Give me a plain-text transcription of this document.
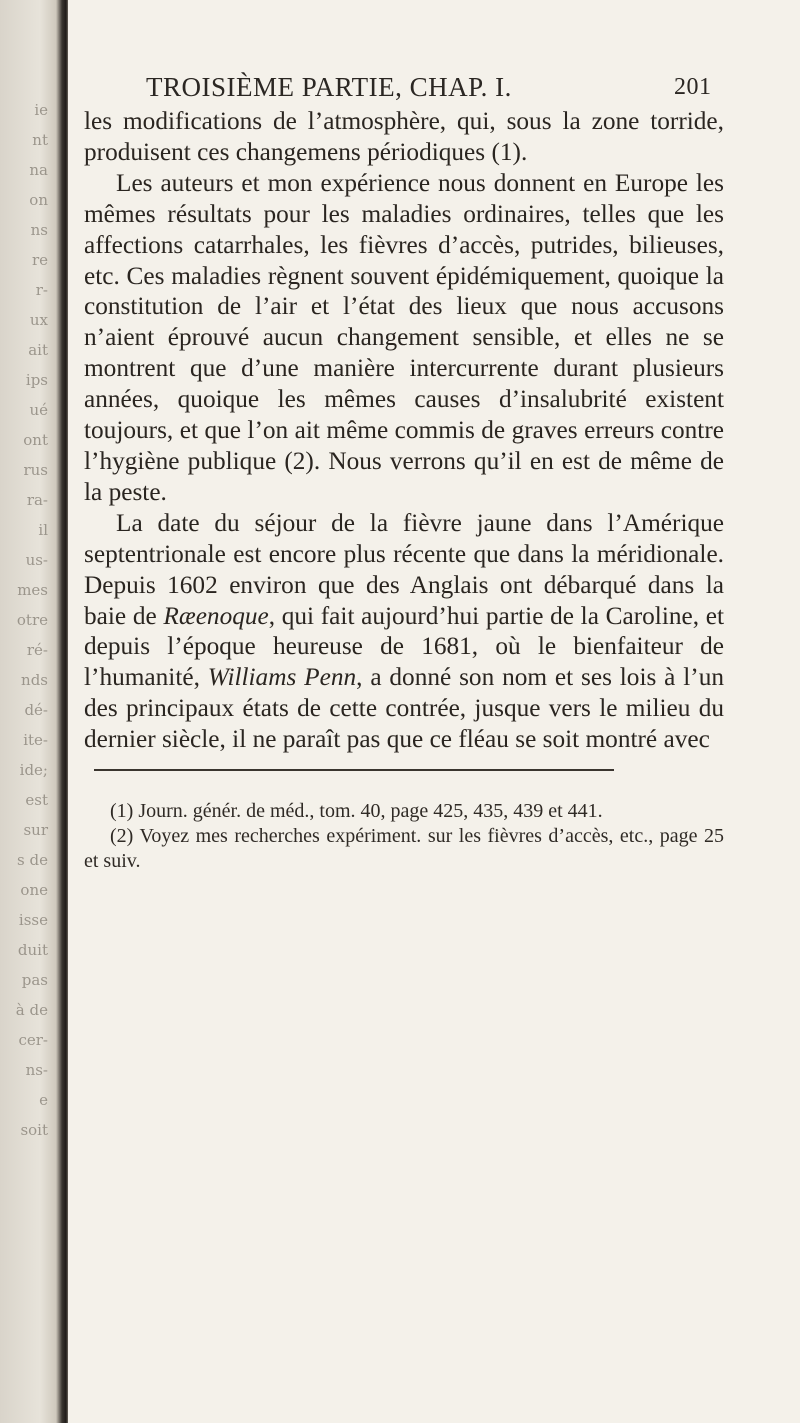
ie
nt
na
on
ns
re
r-
ux
ait
ips
ué
ont
rus
ra-
il
us-
mes
otre
ré-
nds
dé-
ite-
ide;
est
sur
s de
one
isse
duit
pas
à de
cer-
ns-
e
soit
TROISIÈME PARTIE, CHAP. I.	201

les modifications de l’atmosphère, qui, sous la zone torride, produisent ces changemens périodiques (1).

Les auteurs et mon expérience nous donnent en Europe les mêmes résultats pour les maladies ordinaires, telles que les affections catarrhales, les fièvres d’accès, putrides, bilieuses, etc. Ces maladies règnent souvent épidémiquement, quoique la constitution de l’air et l’état des lieux que nous accusons n’aient éprouvé aucun changement sensible, et elles ne se montrent que d’une manière intercurrente durant plusieurs années, quoique les mêmes causes d’insalubrité existent toujours, et que l’on ait même commis de graves erreurs contre l’hygiène publique (2). Nous verrons qu’il en est de même de la peste.

La date du séjour de la fièvre jaune dans l’Amérique septentrionale est encore plus récente que dans la méridionale. Depuis 1602 environ que des Anglais ont débarqué dans la baie de Ræenoque, qui fait aujourd’hui partie de la Caroline, et depuis l’époque heureuse de 1681, où le bienfaiteur de l’humanité, Williams Penn, a donné son nom et ses lois à l’un des principaux états de cette contrée, jusque vers le milieu du dernier siècle, il ne paraît pas que ce fléau se soit montré avec

(1) Journ. génér. de méd., tom. 40, page 425, 435, 439 et 441.

(2) Voyez mes recherches expériment. sur les fièvres d’accès, etc., page 25 et suiv.
